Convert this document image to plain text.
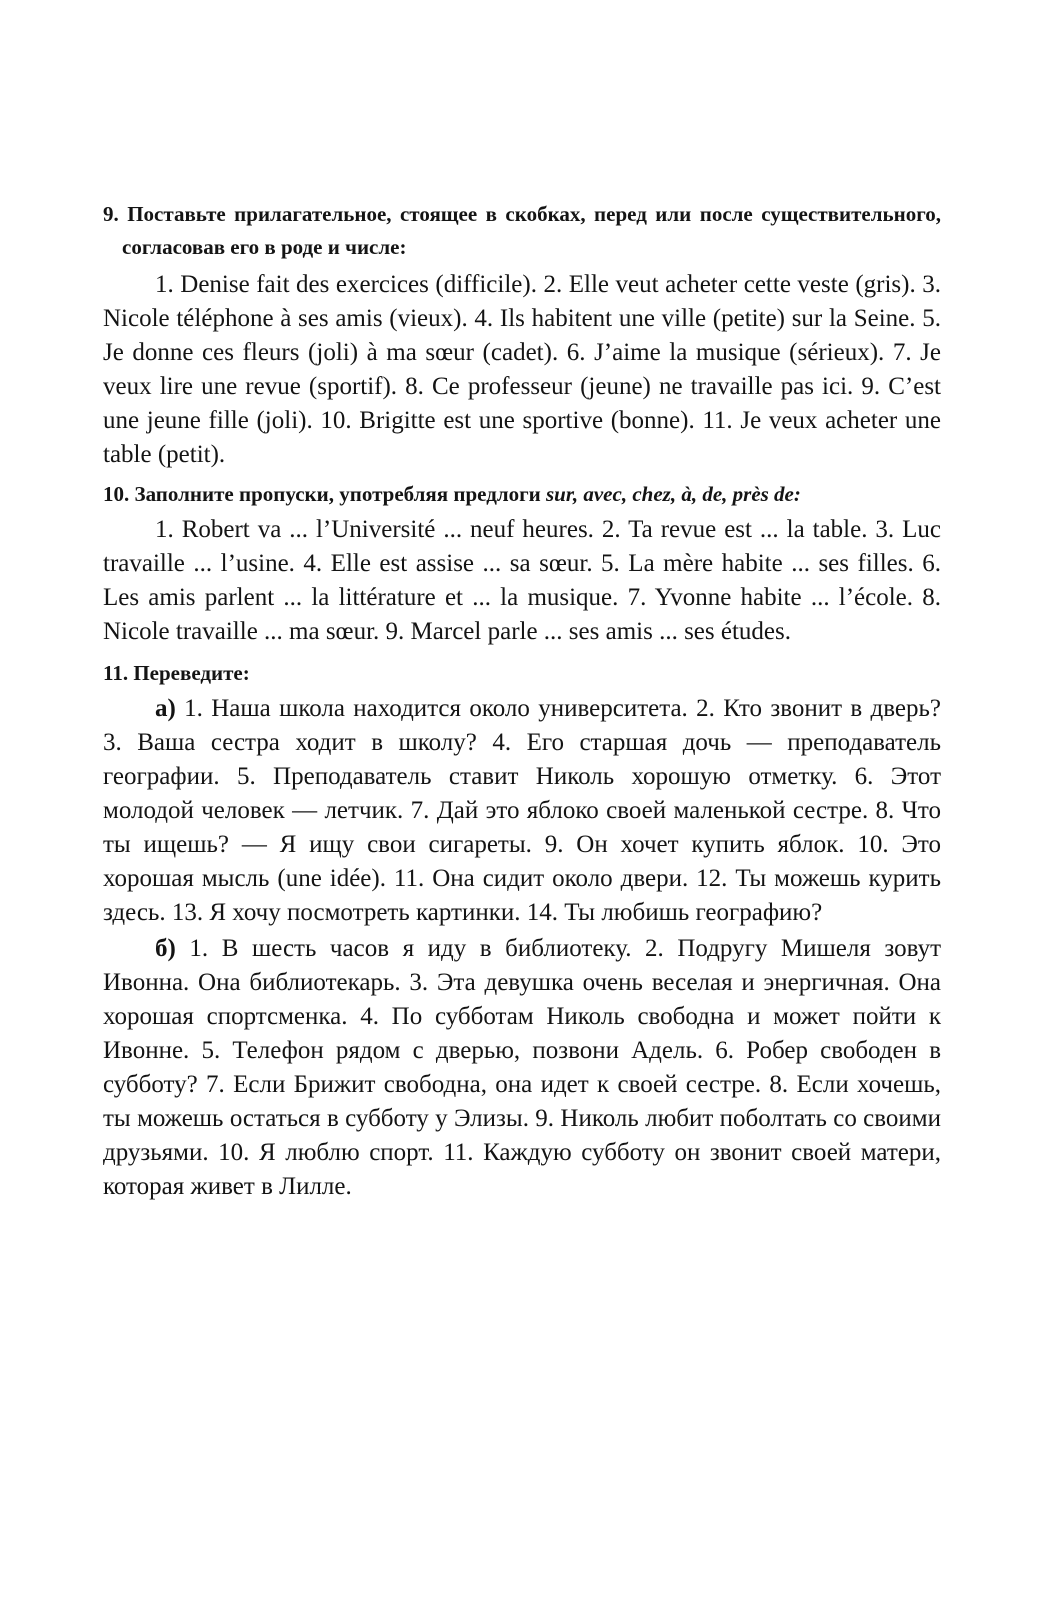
9. Поставьте прилагательное, стоящее в скобках, перед или после существительного, согласовав его в роде и числе:

1. Denise fait des exercices (difficile). 2. Elle veut acheter cette veste (gris). 3. Nicole téléphone à ses amis (vieux). 4. Ils habitent une ville (petite) sur la Seine. 5. Je donne ces fleurs (joli) à ma sœur (cadet). 6. J’aime la musique (sérieux). 7. Je veux lire une revue (sportif). 8. Ce professeur (jeune) ne travaille pas ici. 9. C’est une jeune fille (joli). 10. Brigitte est une sportive (bonne). 11. Je veux acheter une table (petit).

10. Заполните пропуски, употребляя предлоги sur, avec, chez, à, de, près de:

1. Robert va ... l’Université ... neuf heures. 2. Ta revue est ... la table. 3. Luc travaille ... l’usine. 4. Elle est assise ... sa sœur. 5. La mère habite ... ses filles. 6. Les amis parlent ... la littérature et ... la musique. 7. Yvonne habite ... l’école. 8. Nicole travaille ... ma sœur. 9. Marcel parle ... ses amis ... ses études.

11. Переведите:

а) 1. Наша школа находится около университета. 2. Кто звонит в дверь? 3. Ваша сестра ходит в школу? 4. Его старшая дочь — преподаватель географии. 5. Преподаватель ставит Николь хорошую отметку. 6. Этот молодой человек — летчик. 7. Дай это яблоко своей маленькой сестре. 8. Что ты ищешь? — Я ищу свои сигареты. 9. Он хочет купить яблок. 10. Это хорошая мысль (une idée). 11. Она сидит около двери. 12. Ты можешь курить здесь. 13. Я хочу посмотреть картинки. 14. Ты любишь географию?

б) 1. В шесть часов я иду в библиотеку. 2. Подругу Мишеля зовут Ивонна. Она библиотекарь. 3. Эта девушка очень веселая и энергичная. Она хорошая спортсменка. 4. По субботам Николь свободна и может пойти к Ивонне. 5. Телефон рядом с дверью, позвони Адель. 6. Робер свободен в субботу? 7. Если Брижит свободна, она идет к своей сестре. 8. Если хочешь, ты можешь остаться в субботу у Элизы. 9. Николь любит поболтать со своими друзьями. 10. Я люблю спорт. 11. Каждую субботу он звонит своей матери, которая живет в Лилле.
